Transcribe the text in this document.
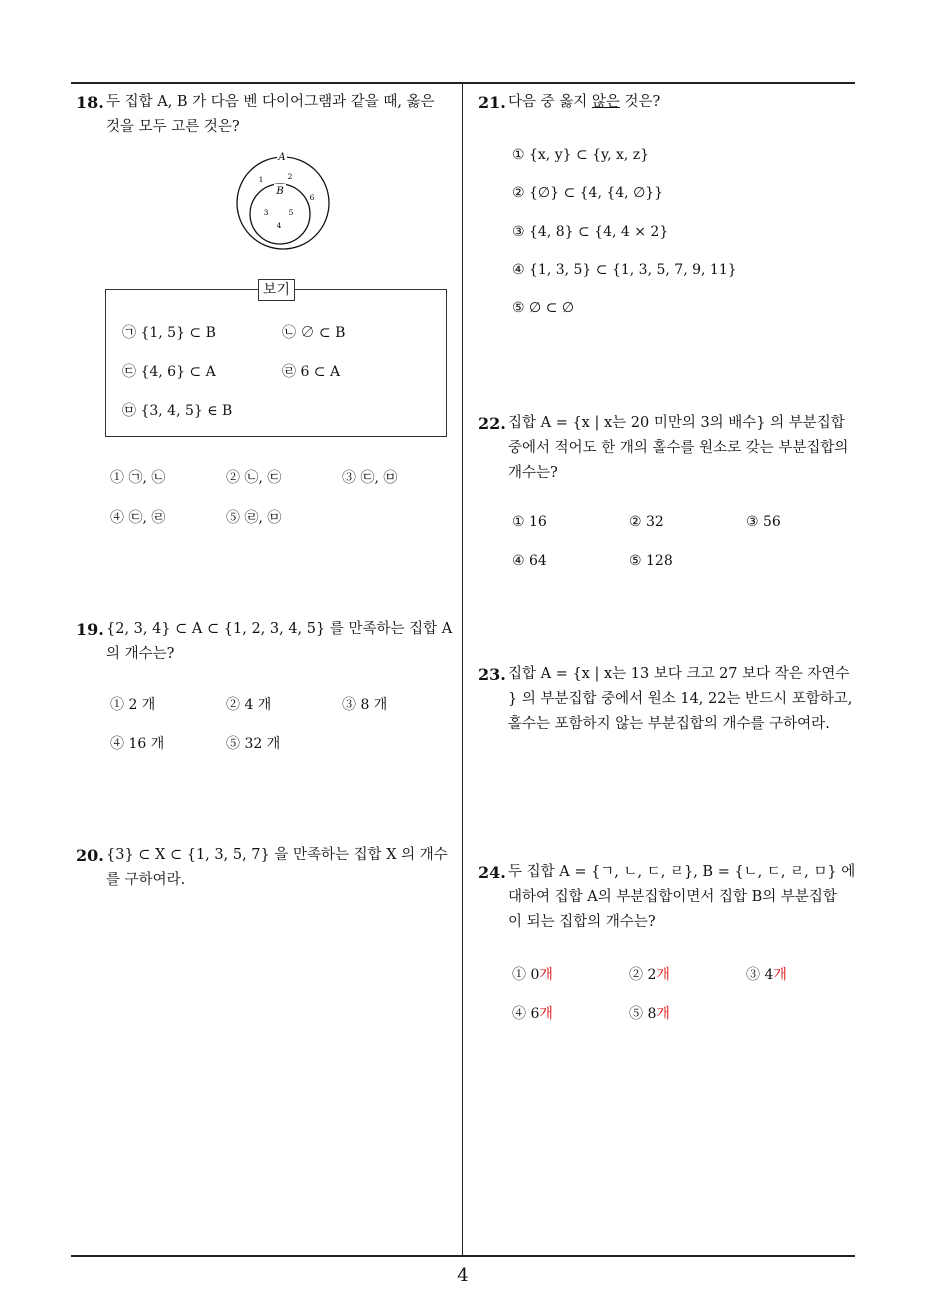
18. 두 집합 A, B 가 다음 벤 다이어그램과 같을 때, 옳은
것을 모두 고른 것은?
A
B
1	2
6
3	5
4
보기
㉠ {1, 5} ⊂ B	㉡ ∅ ⊂ B
㉢ {4, 6} ⊂ A	㉣ 6 ⊂ A
㉤ {3, 4, 5} ∈ B
① ㉠, ㉡	② ㉡, ㉢	③ ㉢, ㉤
④ ㉢, ㉣	⑤ ㉣, ㉤
19. {2, 3, 4} ⊂ A ⊂ {1, 2, 3, 4, 5} 를 만족하는 집합 A
의 개수는?
① 2 개	② 4 개	③ 8 개
④ 16 개	⑤ 32 개
20. {3} ⊂ X ⊂ {1, 3, 5, 7} 을 만족하는 집합 X 의 개수
를 구하여라.
21. 다음 중 옳지 않은 것은?
① {x, y} ⊂ {y, x, z}
② {∅} ⊂ {4, {4, ∅}}
③ {4, 8} ⊂ {4, 4 × 2}
④ {1, 3, 5} ⊂ {1, 3, 5, 7, 9, 11}
⑤ ∅ ⊂ ∅
22. 집합 A = {x | x는 20 미만의 3의 배수} 의 부분집합
중에서 적어도 한 개의 홀수를 원소로 갖는 부분집합의
개수는?
① 16	② 32	③ 56
④ 64	⑤ 128
23. 집합 A = {x | x는 13 보다 크고 27 보다 작은 자연수
} 의 부분집합 중에서 원소 14, 22는 반드시 포함하고,
홀수는 포함하지 않는 부분집합의 개수를 구하여라.
24. 두 집합 A = {ㄱ, ㄴ, ㄷ, ㄹ}, B = {ㄴ, ㄷ, ㄹ, ㅁ} 에
대하여 집합 A의 부분집합이면서 집합 B의 부분집합
이 되는 집합의 개수는?
① 0개	② 2개	③ 4개
④ 6개	⑤ 8개
4
